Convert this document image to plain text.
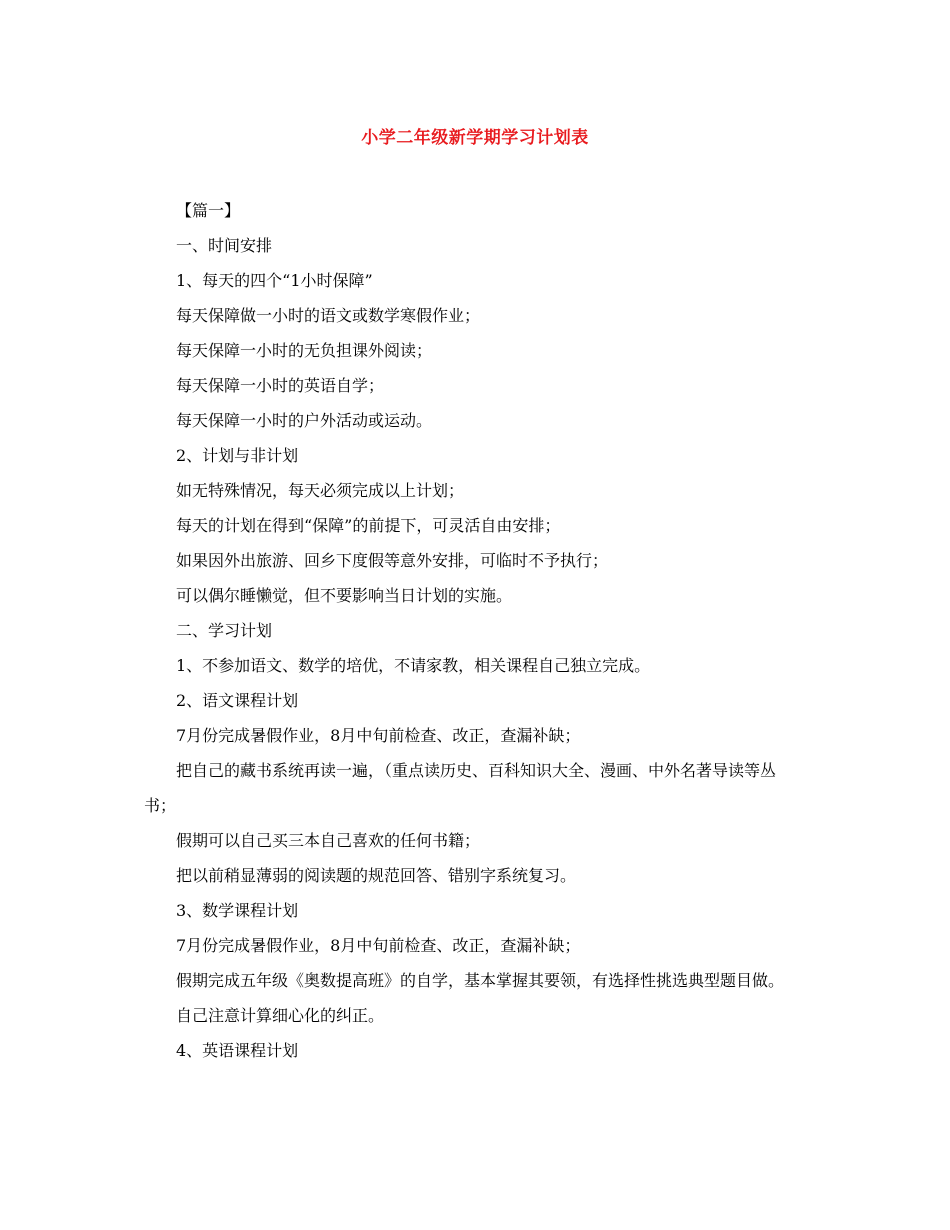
小学二年级新学期学习计划表

【篇一】

一、时间安排

1、每天的四个“1小时保障”

每天保障做一小时的语文或数学寒假作业；

每天保障一小时的无负担课外阅读；

每天保障一小时的英语自学；

每天保障一小时的户外活动或运动。

2、计划与非计划

如无特殊情况，每天必须完成以上计划；

每天的计划在得到“保障”的前提下，可灵活自由安排；

如果因外出旅游、回乡下度假等意外安排，可临时不予执行；

可以偶尔睡懒觉，但不要影响当日计划的实施。

二、学习计划

1、不参加语文、数学的培优，不请家教，相关课程自己独立完成。

2、语文课程计划

7月份完成暑假作业，8月中旬前检查、改正，查漏补缺；

把自己的藏书系统再读一遍，（重点读历史、百科知识大全、漫画、中外名著导读等丛书；

假期可以自己买三本自己喜欢的任何书籍；

把以前稍显薄弱的阅读题的规范回答、错别字系统复习。

3、数学课程计划

7月份完成暑假作业，8月中旬前检查、改正，查漏补缺；

假期完成五年级《奥数提高班》的自学，基本掌握其要领，有选择性挑选典型题目做。

自己注意计算细心化的纠正。

4、英语课程计划
